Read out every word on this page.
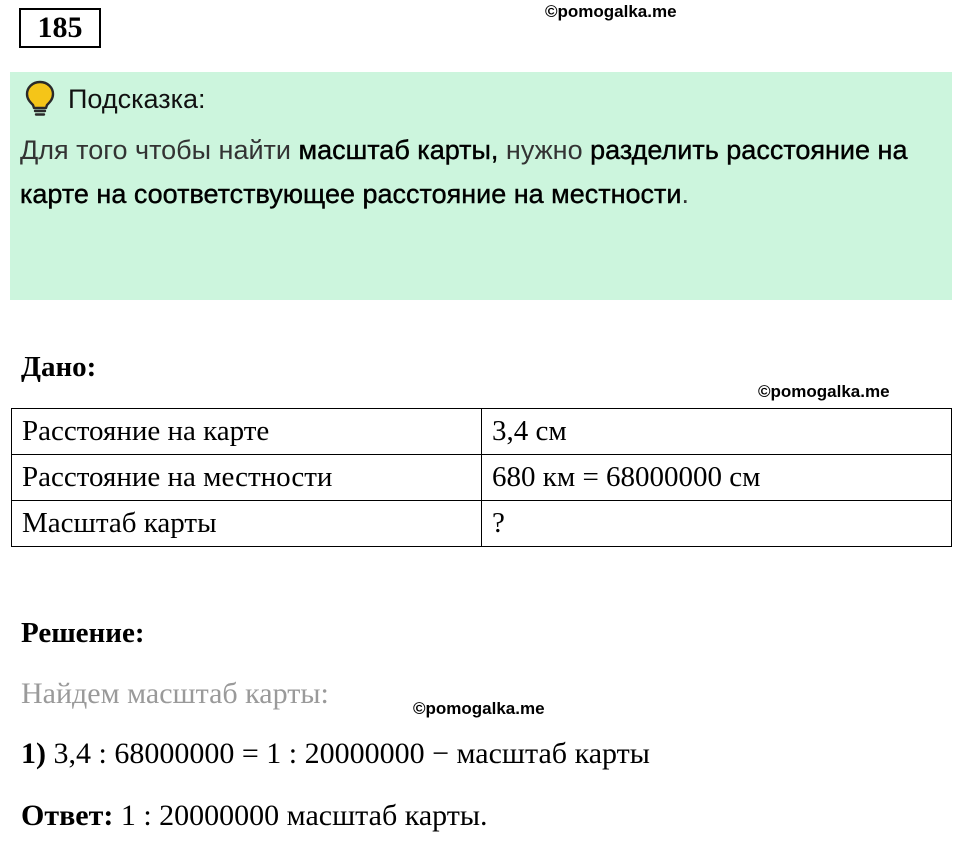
185	©pomogalka.me
Подсказка:
Для того чтобы найти масштаб карты, нужно разделить расстояние на карте на соответствующее расстояние на местности.
Дано:
©pomogalka.me
Расстояние на карте	3,4 см
Расстояние на местности	680 км = 68000000 см
Масштаб карты	?
Решение:
Найдем масштаб карты:	©pomogalka.me
1) 3,4 : 68000000 = 1 : 20000000 − масштаб карты
Ответ: 1 : 20000000 масштаб карты.
